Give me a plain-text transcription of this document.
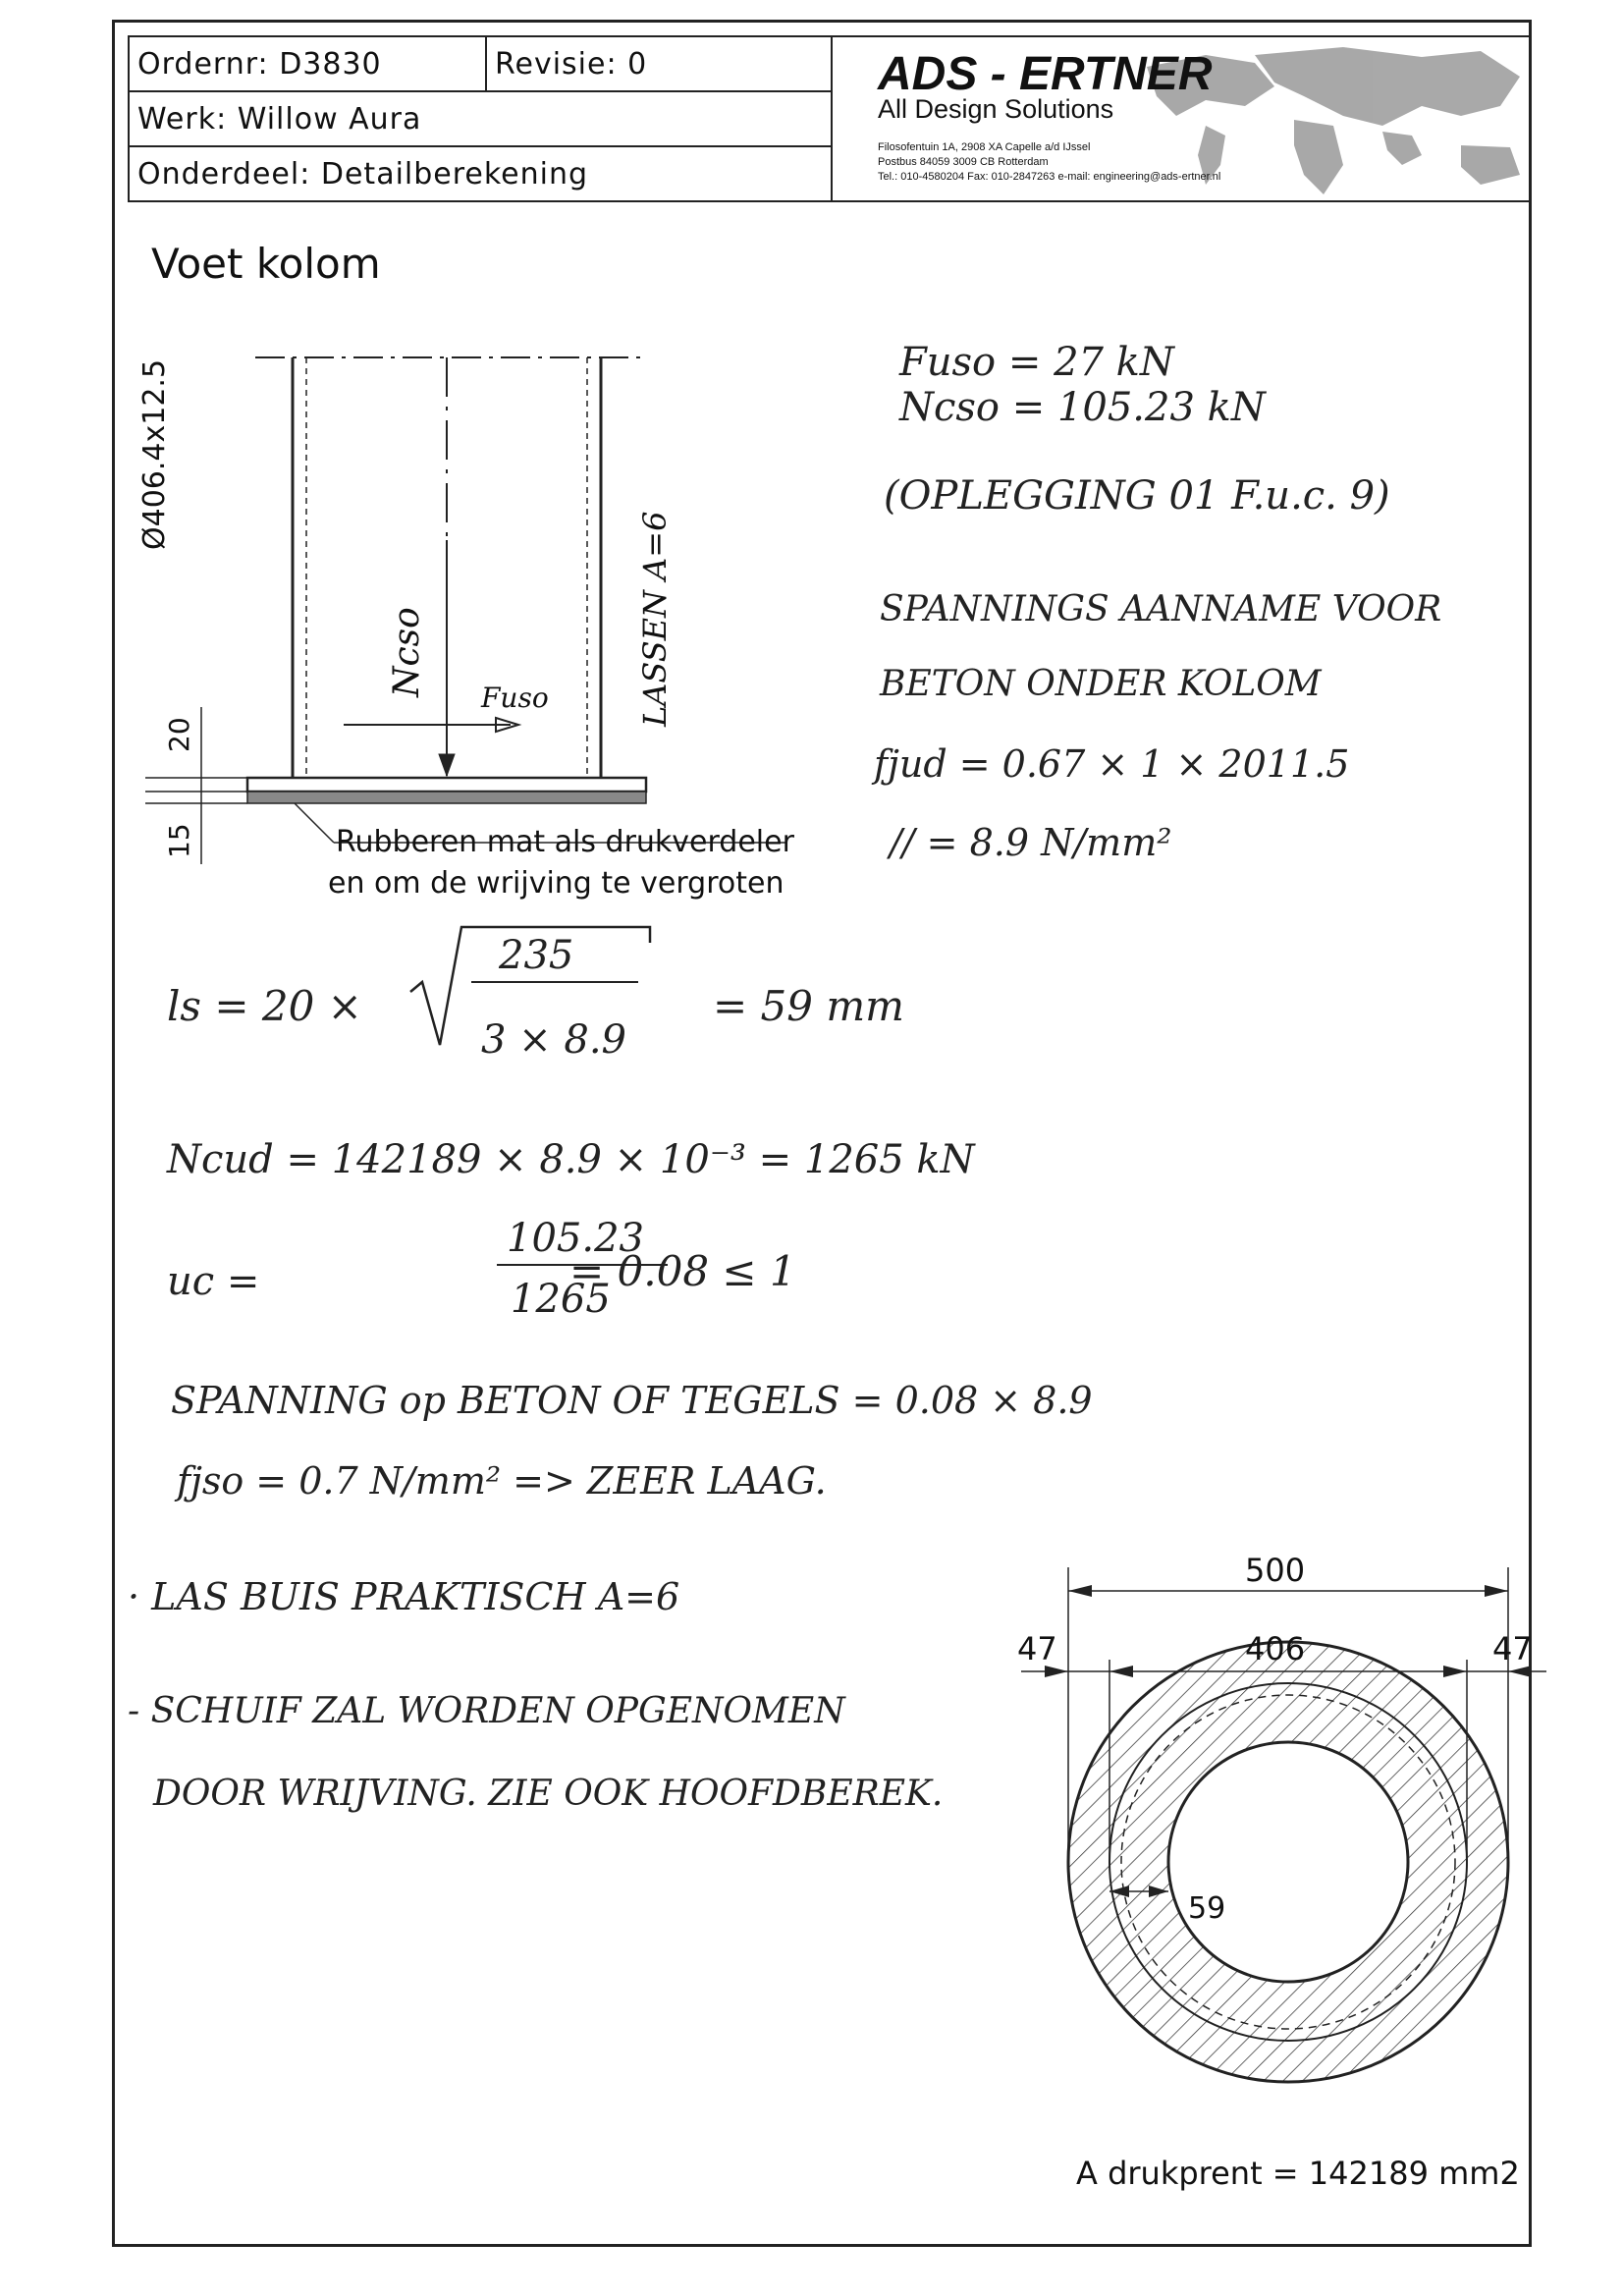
Ordernr: D3830	Revisie: 0
Werk: Willow Aura
Onderdeel: Detailberekening
ADS - ERTNER
All Design Solutions
Filosofentuin 1A, 2908 XA Capelle a/d IJssel
Postbus 84059 3009 CB Rotterdam
Tel.: 010-4580204 Fax: 010-2847263 e-mail: engineering@ads-ertner.nl
Voet kolom
Ø406.4x12.5
LASSEN A=6
Ncso
Fuso
20
15	Rubberen mat als drukverdeler
en om de wrijving te vergroten
Fuso = 27 kN
Ncso = 105.23 kN
(OPLEGGING 01 F.u.c. 9)
SPANNINGS AANNAME VOOR
BETON ONDER KOLOM
fjud = 0.67 × 1 × 2011.5
// = 8.9 N/mm²
ls = 20 ×
235
3 × 8.9
= 59 mm
Ncud = 142189 × 8.9 × 10⁻³ = 1265 kN
uc =
105.23
1265
= 0.08 ≤ 1
SPANNING op BETON OF TEGELS = 0.08 × 8.9
fjso = 0.7 N/mm² => ZEER LAAG.
· LAS BUIS PRAKTISCH A=6
- SCHUIF ZAL WORDEN OPGENOMEN
DOOR WRIJVING. ZIE OOK HOOFDBEREK.
500
406
47	47
59
A drukprent = 142189 mm2
